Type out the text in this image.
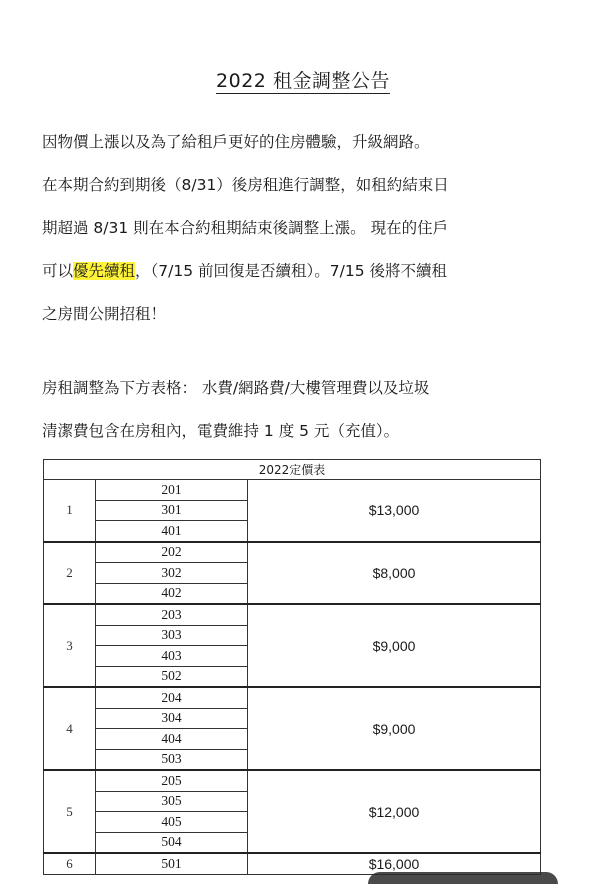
2022 租金調整公告
因物價上漲以及為了給租戶更好的住房體驗，升級網路。
在本期合約到期後（8/31）後房租進行調整，如租約結束日
期超過 8/31 則在本合約租期結束後調整上漲。 現在的住戶
可以優先續租，（7/15 前回復是否續租）。7/15 後將不續租
之房間公開招租！
房租調整為下方表格： 水費/網路費/大樓管理費以及垃圾
清潔費包含在房租內，電費維持 1 度 5 元（充值）。
2022定價表		
1	201	$13,000
	301	
	401	
2	202	$8,000
	302	
	402	
3	203	$9,000
	303	
	403	
	502	
4	204	$9,000
	304	
	404	
	503	
5	205	$12,000
	305	
	405	
	504	
6	501	$16,000
